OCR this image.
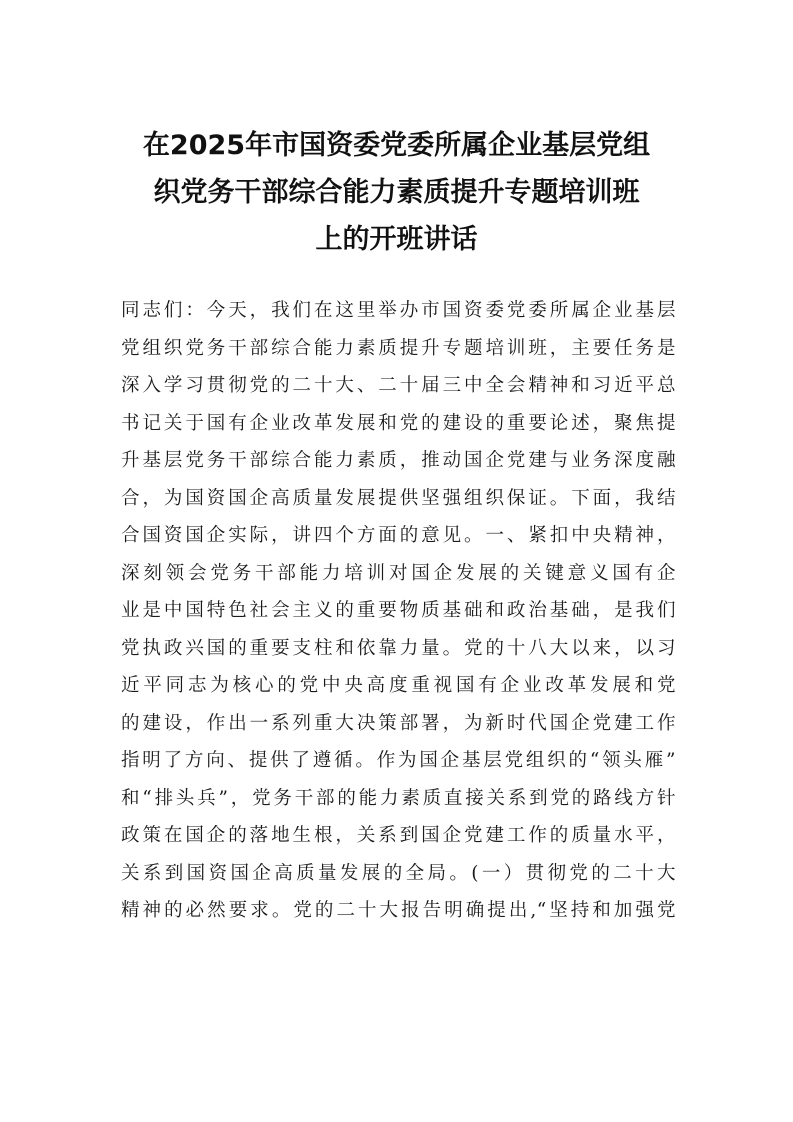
在2025年市国资委党委所属企业基层党组
织党务干部综合能力素质提升专题培训班
上的开班讲话
同志们：今天，我们在这里举办市国资委党委所属企业基层
党组织党务干部综合能力素质提升专题培训班，主要任务是
深入学习贯彻党的二十大、二十届三中全会精神和习近平总
书记关于国有企业改革发展和党的建设的重要论述，聚焦提
升基层党务干部综合能力素质，推动国企党建与业务深度融
合，为国资国企高质量发展提供坚强组织保证。下面，我结
合国资国企实际，讲四个方面的意见。一、紧扣中央精神，
深刻领会党务干部能力培训对国企发展的关键意义国有企
业是中国特色社会主义的重要物质基础和政治基础，是我们
党执政兴国的重要支柱和依靠力量。党的十八大以来，以习
近平同志为核心的党中央高度重视国有企业改革发展和党
的建设，作出一系列重大决策部署，为新时代国企党建工作
指明了方向、提供了遵循。作为国企基层党组织的“领头雁”
和“排头兵”，党务干部的能力素质直接关系到党的路线方针
政策在国企的落地生根，关系到国企党建工作的质量水平，
关系到国资国企高质量发展的全局。(一）贯彻党的二十大
精神的必然要求。党的二十大报告明确提出,“坚持和加强党
